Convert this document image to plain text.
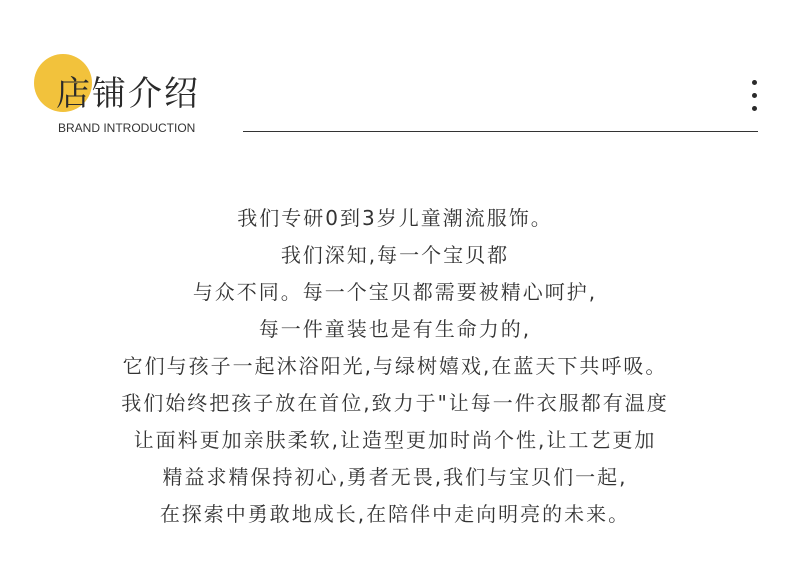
店铺介绍
BRAND INTRODUCTION
我们专研0到3岁儿童潮流服饰。
我们深知,每一个宝贝都
与众不同。每一个宝贝都需要被精心呵护,
每一件童装也是有生命力的,
它们与孩子一起沐浴阳光,与绿树嬉戏,在蓝天下共呼吸。
我们始终把孩子放在首位,致力于"让每一件衣服都有温度
让面料更加亲肤柔软,让造型更加时尚个性,让工艺更加
精益求精保持初心,勇者无畏,我们与宝贝们一起,
在探索中勇敢地成长,在陪伴中走向明亮的未来。
